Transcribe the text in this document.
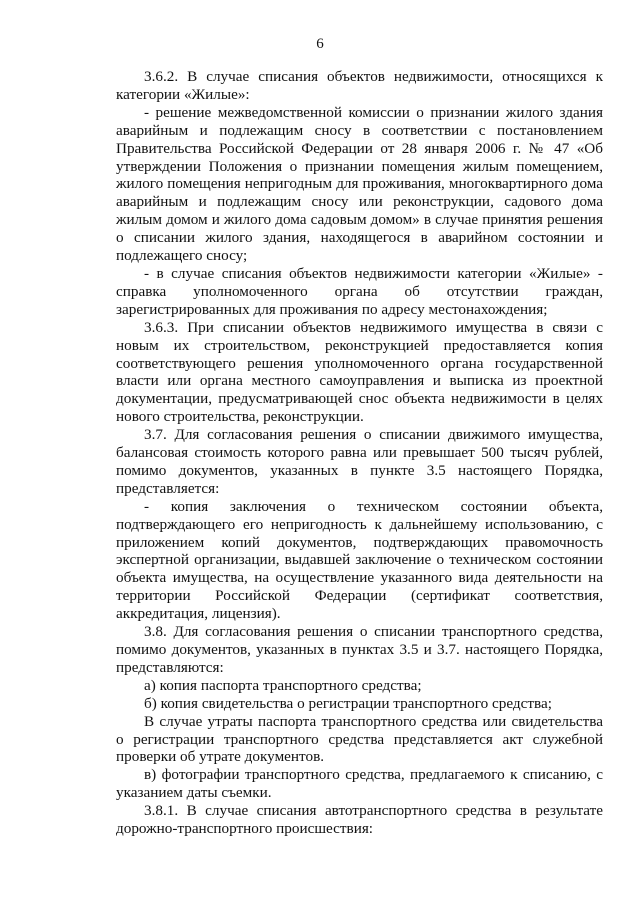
6

3.6.2. В случае списания объектов недвижимости, относящихся к категории «Жилые»:

- решение межведомственной комиссии о признании жилого здания аварийным и подлежащим сносу в соответствии с постановлением Правительства Российской Федерации от 28 января 2006 г. № 47 «Об утверждении Положения о признании помещения жилым помещением, жилого помещения непригодным для проживания, многоквартирного дома аварийным и подлежащим сносу или реконструкции, садового дома жилым домом и жилого дома садовым домом» в случае принятия решения о списании жилого здания, находящегося в аварийном состоянии и подлежащего сносу;

- в случае списания объектов недвижимости категории «Жилые» - справка уполномоченного органа об отсутствии граждан, зарегистрированных для проживания по адресу местонахождения;

3.6.3. При списании объектов недвижимого имущества в связи с новым их строительством, реконструкцией предоставляется копия соответствующего решения уполномоченного органа государственной власти или органа местного самоуправления и выписка из проектной документации, предусматривающей снос объекта недвижимости в целях нового строительства, реконструкции.

3.7. Для согласования решения о списании движимого имущества, балансовая стоимость которого равна или превышает 500 тысяч рублей, помимо документов, указанных в пункте 3.5 настоящего Порядка, представляется:

- копия заключения о техническом состоянии объекта, подтверждающего его непригодность к дальнейшему использованию, с приложением копий документов, подтверждающих правомочность экспертной организации, выдавшей заключение о техническом состоянии объекта имущества, на осуществление указанного вида деятельности на территории Российской Федерации (сертификат соответствия, аккредитация, лицензия).

3.8. Для согласования решения о списании транспортного средства, помимо документов, указанных в пунктах 3.5 и 3.7. настоящего Порядка, представляются:

а) копия паспорта транспортного средства;

б) копия свидетельства о регистрации транспортного средства;

В случае утраты паспорта транспортного средства или свидетельства о регистрации транспортного средства представляется акт служебной проверки об утрате документов.

в) фотографии транспортного средства, предлагаемого к списанию, с указанием даты съемки.

3.8.1. В случае списания автотранспортного средства в результате дорожно-транспортного происшествия:
